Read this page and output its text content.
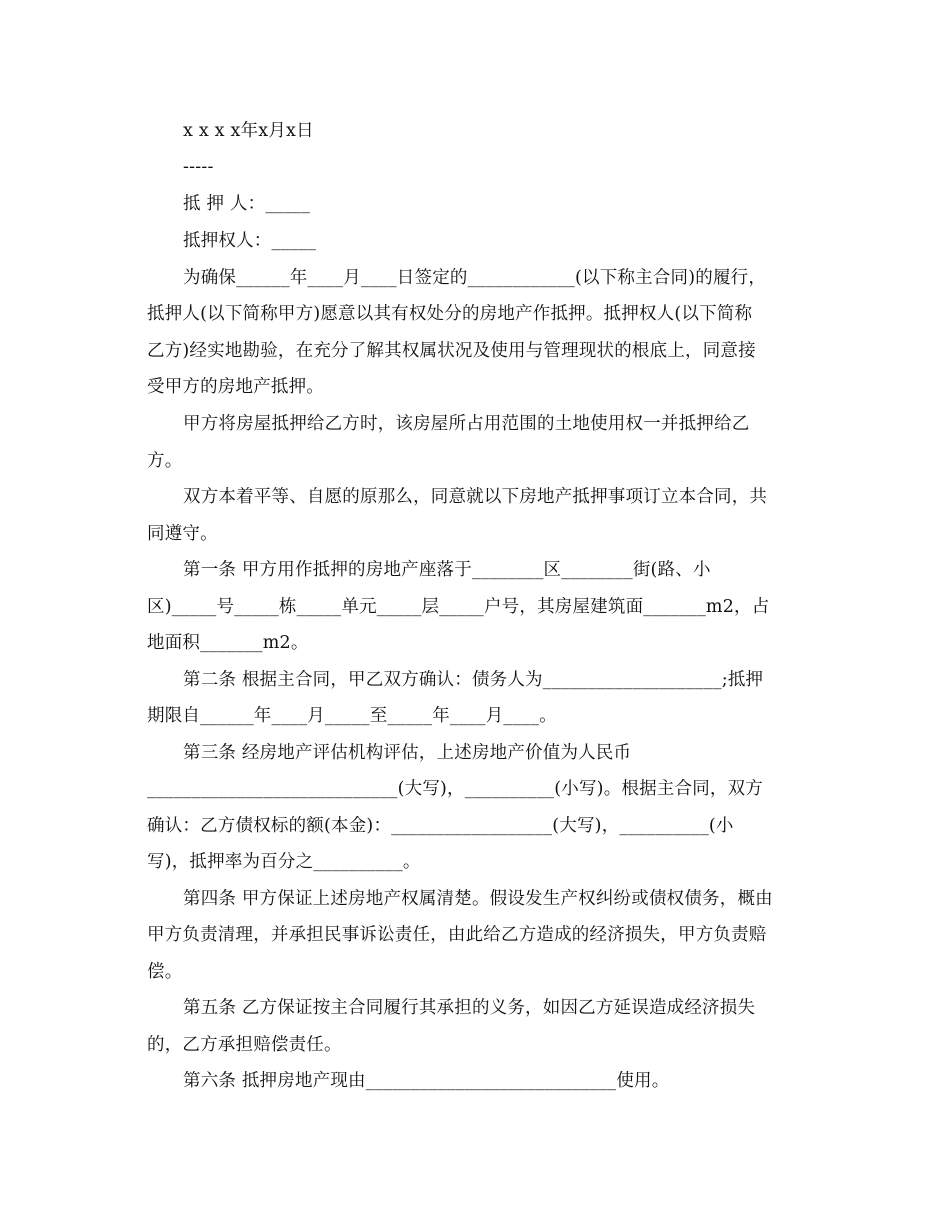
x x x x年x月x日
-----
抵 押 人：_____
抵押权人：_____
为确保______年____月____日签定的____________(以下称主合同)的履行，
抵押人(以下简称甲方)愿意以其有权处分的房地产作抵押。抵押权人(以下简称
乙方)经实地勘验，在充分了解其权属状况及使用与管理现状的根底上，同意接
受甲方的房地产抵押。
甲方将房屋抵押给乙方时，该房屋所占用范围的土地使用权一并抵押给乙
方。
双方本着平等、自愿的原那么，同意就以下房地产抵押事项订立本合同，共
同遵守。
第一条 甲方用作抵押的房地产座落于________区________街(路、小
区)_____号_____栋_____单元_____层_____户号，其房屋建筑面_______m2，占
地面积_______m2。
第二条 根据主合同，甲乙双方确认：债务人为____________________;抵押
期限自______年____月_____至_____年____月____。
第三条 经房地产评估机构评估，上述房地产价值为人民币
____________________________(大写)，__________(小写)。根据主合同，双方
确认：乙方债权标的额(本金)：__________________(大写)，__________(小
写)，抵押率为百分之__________。
第四条 甲方保证上述房地产权属清楚。假设发生产权纠纷或债权债务，概由
甲方负责清理，并承担民事诉讼责任，由此给乙方造成的经济损失，甲方负责赔
偿。
第五条 乙方保证按主合同履行其承担的义务，如因乙方延误造成经济损失
的，乙方承担赔偿责任。
第六条 抵押房地产现由____________________________使用。
